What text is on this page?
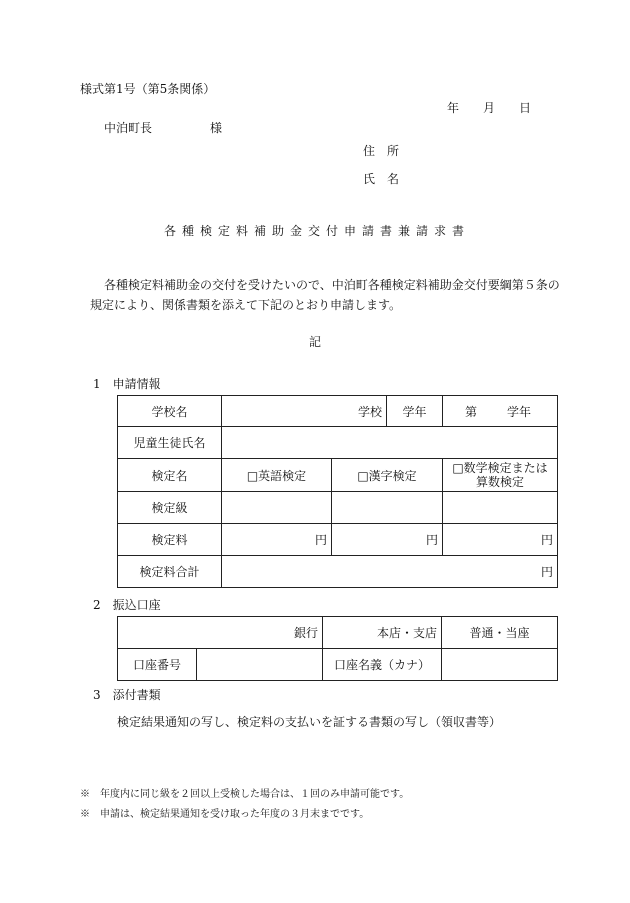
様式第1号（第5条関係）
年 月 日
中泊町長	様
住　所
氏　名
各種検定料補助金交付申請書兼請求書
各種検定料補助金の交付を受けたいので、中泊町各種検定料補助金交付要綱第５条の
規定により、関係書類を添えて下記のとおり申請します。
記
1　申請情報
学校名	学校		学年	第 学年
児童生徒氏名				
検定名	□英語検定	□漢字検定	□ 数学検定または
算数検定
検定級				
検定料	円	円		円
検定料合計	円			
2　振込口座
銀行		本店・支店	普通・当座
口座番号		口座名義（カナ）	
3　添付書類
検定結果通知の写し、検定料の支払いを証する書類の写し（領収書等）
※　年度内に同じ級を２回以上受検した場合は、１回のみ申請可能です。
※　申請は、検定結果通知を受け取った年度の３月末までです。
